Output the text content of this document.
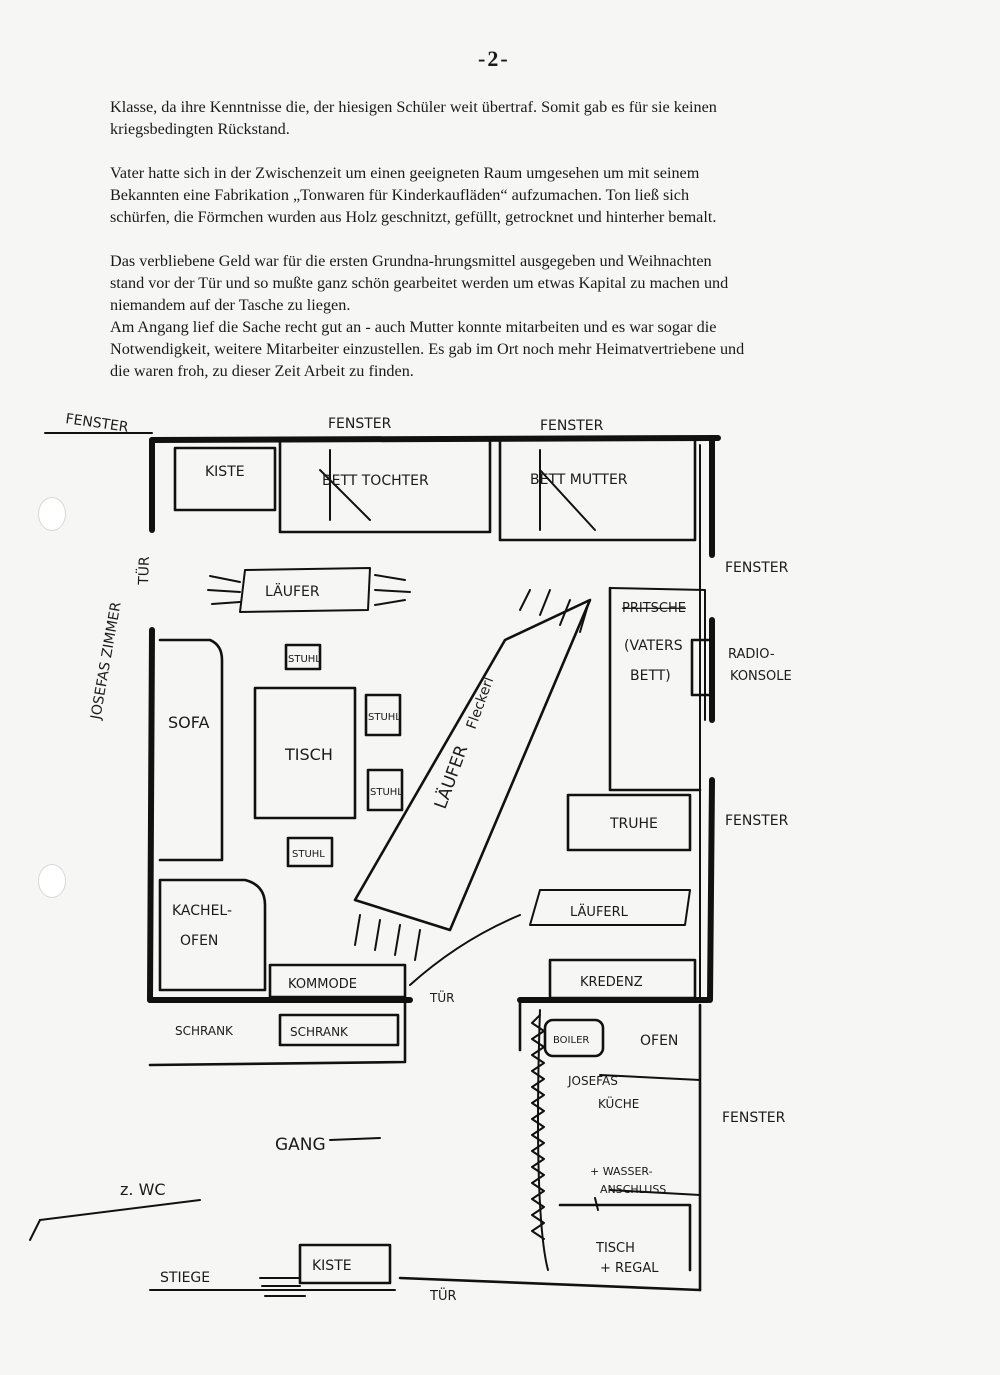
-2-

Klasse, da ihre Kenntnisse die, der hiesigen Schüler weit übertraf. Somit gab es für sie keinen
kriegsbedingten Rückstand.

Vater hatte sich in der Zwischenzeit um einen geeigneten Raum umgesehen um mit seinem
Bekannten eine Fabrikation „Tonwaren für Kinderkaufläden“ aufzumachen. Ton ließ sich
schürfen, die Förmchen wurden aus Holz geschnitzt, gefüllt, getrocknet und hinterher bemalt.

Das verbliebene Geld war für die ersten Grundna-hrungsmittel ausgegeben und Weihnachten
stand vor der Tür und so mußte ganz schön gearbeitet werden um etwas Kapital zu machen und
niemandem auf der Tasche zu liegen.

Am Angang lief die Sache recht gut an - auch Mutter konnte mitarbeiten und es war sogar die
Notwendigkeit, weitere Mitarbeiter einzustellen. Es gab im Ort noch mehr Heimatvertriebene und
die waren froh, zu dieser Zeit Arbeit zu finden.

FENSTER	FENSTER	FENSTER
FENSTER
FENSTER
FENSTER
JOSEFAS ZIMMER
TÜR
KISTE
BETT TOCHTER	BETT MUTTER
LÄUFER
PRITSCHE
(VATERS BETT)
RADIO-KONSOLE
STUHL
TISCH
STUHL
STUHL
STUHL
SOFA	Fleckerl
LÄUFER
TRUHE
LÄUFERL
KACHEL-OFEN
KOMMODE
TÜR
KREDENZ
SCHRANK	SCHRANK
BOILER	OFEN
JOSEFAS KÜCHE
+ WASSER-ANSCHLUSS
TISCH + REGAL
GANG
z. WC
STIEGE
KISTE
TÜR
